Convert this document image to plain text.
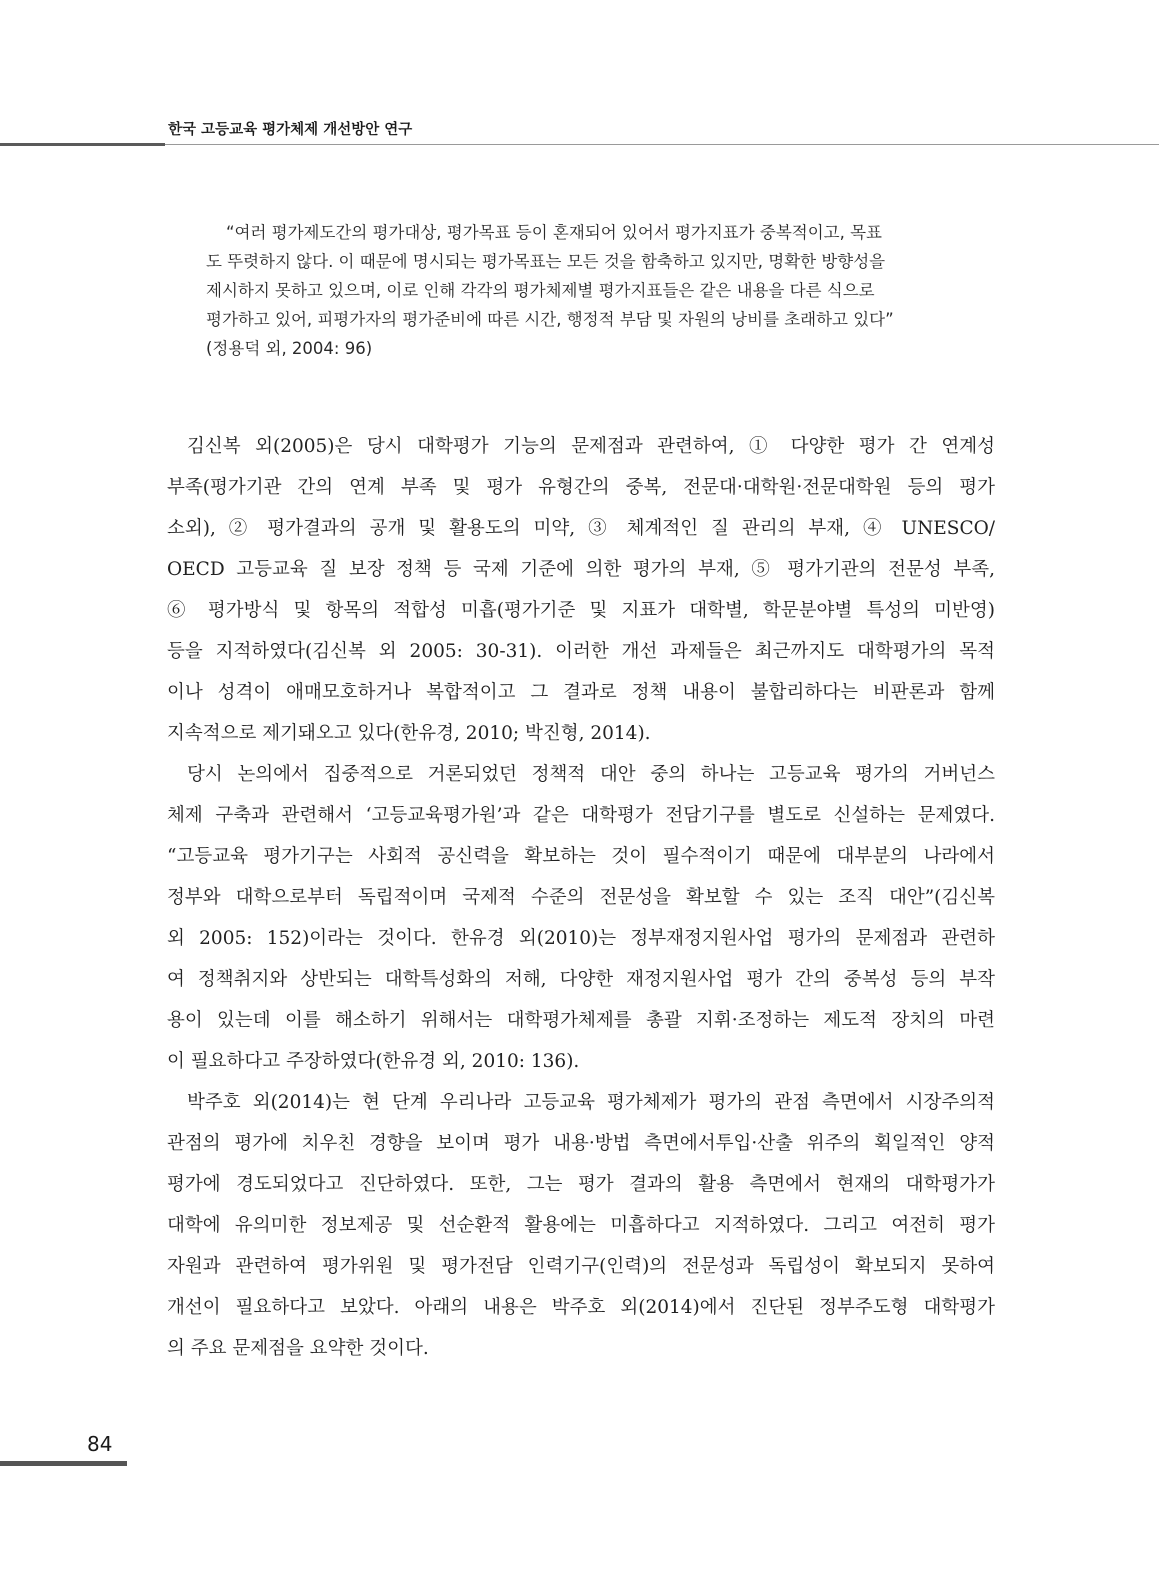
한국 고등교육 평가체제 개선방안 연구
“여러 평가제도간의 평가대상, 평가목표 등이 혼재되어 있어서 평가지표가 중복적이고, 목표
도 뚜렷하지 않다. 이 때문에 명시되는 평가목표는 모든 것을 함축하고 있지만, 명확한 방향성을
제시하지 못하고 있으며, 이로 인해 각각의 평가체제별 평가지표들은 같은 내용을 다른 식으로
평가하고 있어, 피평가자의 평가준비에 따른 시간, 행정적 부담 및 자원의 낭비를 초래하고 있다”
(정용덕 외, 2004: 96)

김신복 외(2005)은 당시 대학평가 기능의 문제점과 관련하여, ① 다양한 평가 간 연계성
부족(평가기관 간의 연계 부족 및 평가 유형간의 중복, 전문대·대학원·전문대학원 등의 평가
소외), ② 평가결과의 공개 및 활용도의 미약, ③ 체계적인 질 관리의 부재, ④ UNESCO/
OECD 고등교육 질 보장 정책 등 국제 기준에 의한 평가의 부재, ⑤ 평가기관의 전문성 부족,
⑥ 평가방식 및 항목의 적합성 미흡(평가기준 및 지표가 대학별, 학문분야별 특성의 미반영)
등을 지적하였다(김신복 외 2005: 30-31). 이러한 개선 과제들은 최근까지도 대학평가의 목적
이나 성격이 애매모호하거나 복합적이고 그 결과로 정책 내용이 불합리하다는 비판론과 함께
지속적으로 제기돼오고 있다(한유경, 2010; 박진형, 2014).

당시 논의에서 집중적으로 거론되었던 정책적 대안 중의 하나는 고등교육 평가의 거버넌스
체제 구축과 관련해서 ‘고등교육평가원’과 같은 대학평가 전담기구를 별도로 신설하는 문제였다.
“고등교육 평가기구는 사회적 공신력을 확보하는 것이 필수적이기 때문에 대부분의 나라에서
정부와 대학으로부터 독립적이며 국제적 수준의 전문성을 확보할 수 있는 조직 대안”(김신복
외 2005: 152)이라는 것이다. 한유경 외(2010)는 정부재정지원사업 평가의 문제점과 관련하
여 정책취지와 상반되는 대학특성화의 저해, 다양한 재정지원사업 평가 간의 중복성 등의 부작
용이 있는데 이를 해소하기 위해서는 대학평가체제를 총괄 지휘·조정하는 제도적 장치의 마련
이 필요하다고 주장하였다(한유경 외, 2010: 136).

박주호 외(2014)는 현 단계 우리나라 고등교육 평가체제가 평가의 관점 측면에서 시장주의적
관점의 평가에 치우친 경향을 보이며 평가 내용·방법 측면에서투입·산출 위주의 획일적인 양적
평가에 경도되었다고 진단하였다. 또한, 그는 평가 결과의 활용 측면에서 현재의 대학평가가
대학에 유의미한 정보제공 및 선순환적 활용에는 미흡하다고 지적하였다. 그리고 여전히 평가
자원과 관련하여 평가위원 및 평가전담 인력기구(인력)의 전문성과 독립성이 확보되지 못하여
개선이 필요하다고 보았다. 아래의 내용은 박주호 외(2014)에서 진단된 정부주도형 대학평가
의 주요 문제점을 요약한 것이다.

84
